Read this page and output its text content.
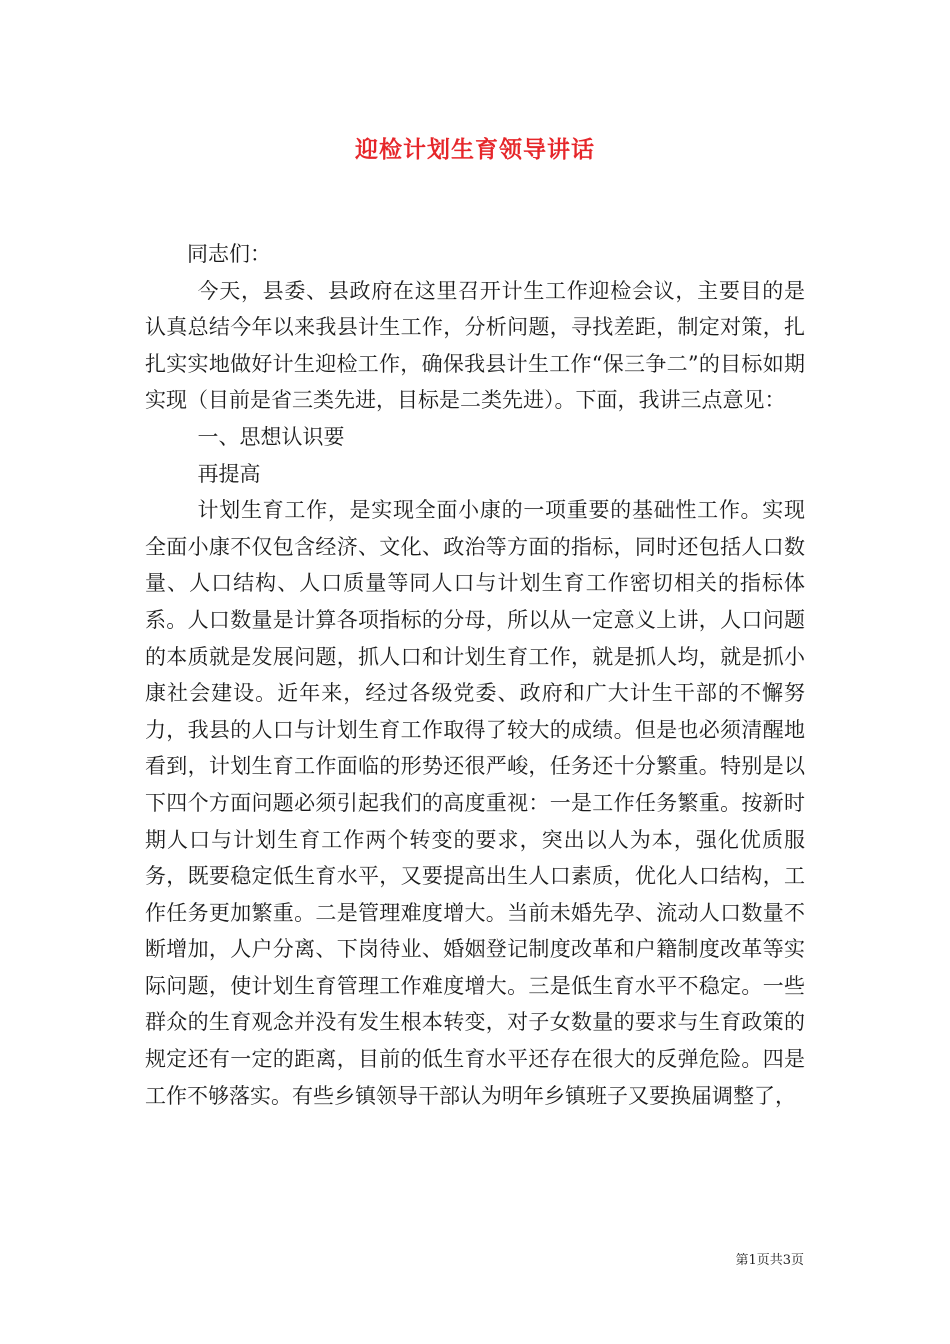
迎检计划生育领导讲话

同志们：

今天，县委、县政府在这里召开计生工作迎检会议，主要目的是认真总结今年以来我县计生工作，分析问题，寻找差距，制定对策，扎扎实实地做好计生迎检工作，确保我县计生工作“保三争二”的目标如期实现（目前是省三类先进，目标是二类先进）。下面，我讲三点意见：

一、思想认识要

再提高

计划生育工作，是实现全面小康的一项重要的基础性工作。实现全面小康不仅包含经济、文化、政治等方面的指标，同时还包括人口数量、人口结构、人口质量等同人口与计划生育工作密切相关的指标体系。人口数量是计算各项指标的分母，所以从一定意义上讲，人口问题的本质就是发展问题，抓人口和计划生育工作，就是抓人均，就是抓小康社会建设。近年来，经过各级党委、政府和广大计生干部的不懈努力，我县的人口与计划生育工作取得了较大的成绩。但是也必须清醒地看到，计划生育工作面临的形势还很严峻，任务还十分繁重。特别是以下四个方面问题必须引起我们的高度重视：一是工作任务繁重。按新时期人口与计划生育工作两个转变的要求，突出以人为本，强化优质服务，既要稳定低生育水平，又要提高出生人口素质，优化人口结构，工作任务更加繁重。二是管理难度增大。当前未婚先孕、流动人口数量不断增加，人户分离、下岗待业、婚姻登记制度改革和户籍制度改革等实际问题，使计划生育管理工作难度增大。三是低生育水平不稳定。一些群众的生育观念并没有发生根本转变，对子女数量的要求与生育政策的规定还有一定的距离，目前的低生育水平还存在很大的反弹危险。四是工作不够落实。有些乡镇领导干部认为明年乡镇班子又要换届调整了，

第1页共3页
